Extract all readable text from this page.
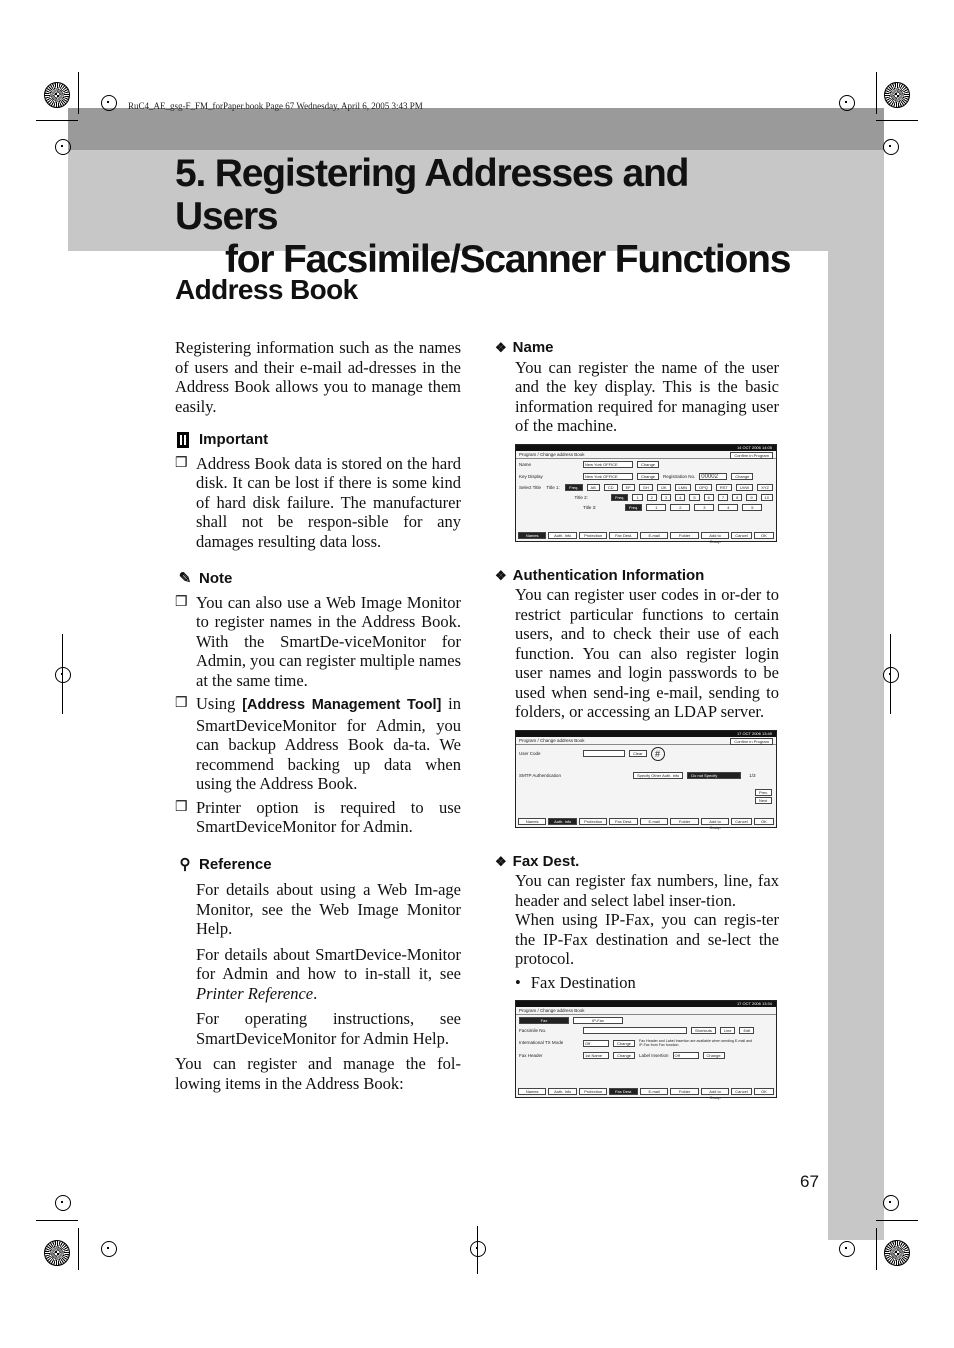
RuC4_AE_gsg-F_FM_forPaper.book Page 67 Wednesday, April 6, 2005 3:43 PM
5. Registering Addresses and Users
for Facsimile/Scanner Functions
Address Book

Registering information such as the names of users and their e-mail ad-dresses in the Address Book allows you to manage them easily.

Important
❒ Address Book data is stored on the hard disk. It can be lost if there is some kind of hard disk failure. The manufacturer shall not be respon-sible for any damages resulting data loss.
✎ Note
❒ You can also use a Web Image Monitor to register names in the Address Book. With the SmartDe-viceMonitor for Admin, you can register multiple names at the same time.
❒ Using [Address Management Tool] in SmartDeviceMonitor for Admin, you can backup Address Book da-ta. We recommend backing up data when using the Address Book.
❒ Printer option is required to use SmartDeviceMonitor for Admin.
⚲ Reference

For details about using a Web Im-age Monitor, see the Web Image Monitor Help.

For details about SmartDevice-Monitor for Admin and how to in-stall it, see Printer Reference.

For operating instructions, see SmartDeviceMonitor for Admin Help.

You can register and manage the fol-lowing items in the Address Book:

❖ Name

You can register the name of the user and the key display. This is the basic information required for managing user of the machine.

14 OCT 2006 14:05
Program / Change address Book	Confirm in Program
Name	New York OFFICE	Change
Key Display	New York OFFICE	Change	Registration No.	00002	Change
Select Title Title 1:	Freq.	AB	CD	EF	GH	IJK	LMN	OPQ	RST	UVW	XYZ
Title 2:	Freq.	1	2	3	4	5	6	7	8	9	10
Title 3:	Freq.	1	2	3	4	5
Names	Auth. Info	Protection	Fax Dest.	E-mail	Folder	Add to Group
Cancel	OK
❖ Authentication Information

You can register user codes in or-der to restrict particular functions to certain users, and to check their use of each function. You can also register login user names and login passwords to be used when send-ing e-mail, sending to folders, or accessing an LDAP server.

17 OCT 2006 13:45
Program / Change address Book	Confirm in Program
User Code	Clear	#
SMTP Authentication	Specify Other Auth. Info	Do not Specify	1/3
Prev.
Next
Names	Auth. Info	Protection	Fax Dest.	E-mail	Folder	Add to Group
Cancel	OK
❖ Fax Dest.

You can register fax numbers, line, fax header and select label inser-tion.

When using IP-Fax, you can regis-ter the IP-Fax destination and se-lect the protocol.

• Fax Destination
17 OCT 2006 13:34
Program / Change address Book
Fax	IP-Fax
Facsimile No.	Shortcuts	Line	Edit
International TX Mode	Off	Change	Fax Header and Label Insertion are available when sending E-mail and IP-Fax from Fax function.
Fax Header	1st Name	Change	Label Insertion	Off	Change
Names	Auth. Info	Protection	Fax Dest.	E-mail	Folder	Add to Group
Cancel	OK
67
